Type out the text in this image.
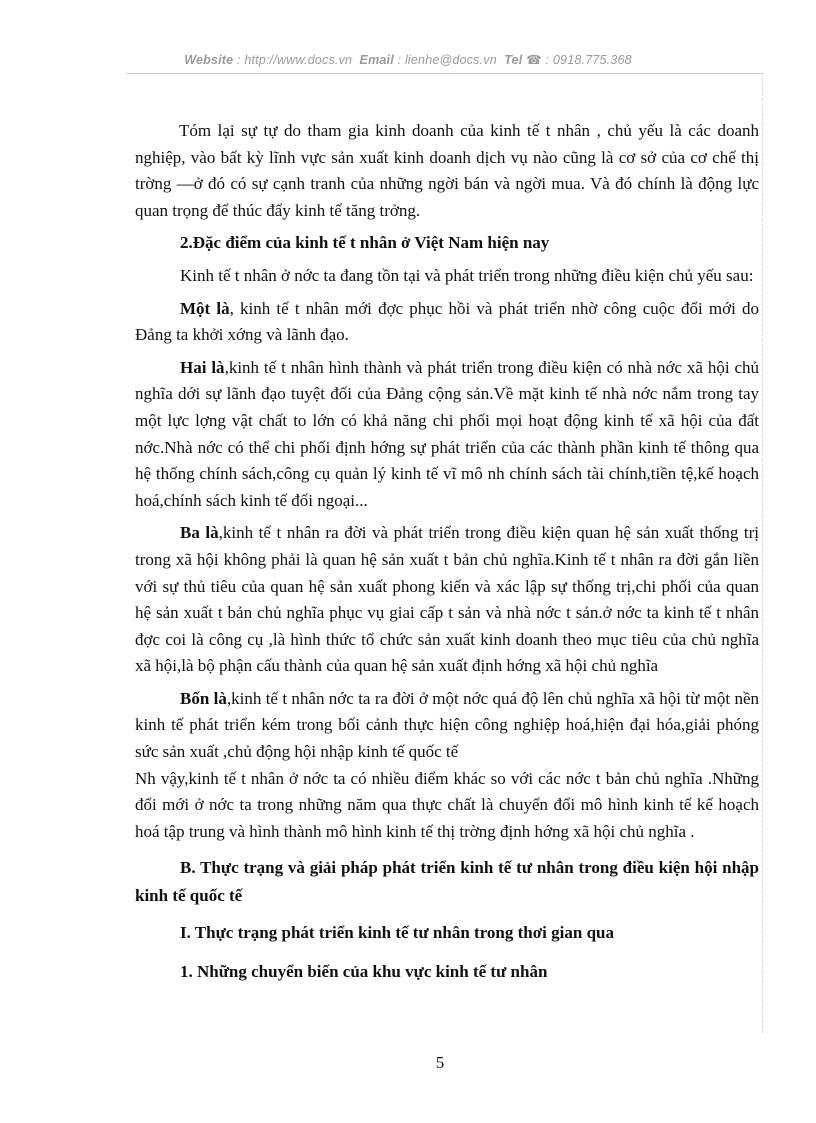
Website : http://www.docs.vn Email : lienhe@docs.vn Tel ☎ : 0918.775.368

Tóm lại sự tự do tham gia kinh doanh của kinh tế t nhân , chủ yếu là các doanh nghiệp, vào bất kỳ lĩnh vực sản xuất kinh doanh dịch vụ nào cũng là cơ sở của cơ chế thị trờng —ở đó có sự cạnh tranh của những ngời bán và ngời mua. Và đó chính là động lực quan trọng để thúc đẩy kinh tế tăng trởng.

2.Đặc điểm của kinh tế t nhân ở Việt Nam hiện nay

Kinh tế t nhân ở nớc ta đang tồn tại và phát triển trong những điều kiện chủ yếu sau:

Một là, kinh tế t nhân mới đợc phục hồi và phát triển nhờ công cuộc đổi mới do Đảng ta khởi xớng và lãnh đạo.

Hai là,kinh tế t nhân hình thành và phát triển trong điều kiện có nhà nớc xã hội chủ nghĩa dới sự lãnh đạo tuyệt đối của Đảng cộng sản.Về mặt kinh tế nhà nớc nắm trong tay một lực lợng vật chất to lớn có khả năng chi phối mọi hoạt động kinh tế xã hội của đất nớc.Nhà nớc có thể chi phối định hớng sự phát triển của các thành phần kinh tế thông qua hệ thống chính sách,công cụ quản lý kinh tế vĩ mô nh chính sách tài chính,tiền tệ,kế hoạch hoá,chính sách kinh tế đối ngoại...

Ba là,kinh tế t nhân ra đời và phát triển trong điều kiện quan hệ sản xuất thống trị trong xã hội không phải là quan hệ sản xuất t bản chủ nghĩa.Kinh tế t nhân ra đời gắn liền với sự thủ tiêu của quan hệ sản xuất phong kiến và xác lập sự thống trị,chi phối của quan hệ sản xuất t bản chủ nghĩa phục vụ giai cấp t sản và nhà nớc t sản.ở nớc ta kinh tế t nhân đợc coi là công cụ ,là hình thức tổ chức sản xuất kinh doanh theo mục tiêu của chủ nghĩa xã hội,là bộ phận cấu thành của quan hệ sản xuất định hớng xã hội chủ nghĩa

Bốn là,kinh tế t nhân nớc ta ra đời ở một nớc quá độ lên chủ nghĩa xã hội từ một nền kinh tế phát triển kém trong bối cảnh thực hiện công nghiệp hoá,hiện đại hóa,giải phóng sức sản xuất ,chủ động hội nhập kinh tế quốc tế

Nh vậy,kinh tế t nhân ở nớc ta có nhiều điểm khác so với các nớc t bản chủ nghĩa .Những đổi mới ở nớc ta trong những năm qua thực chất là chuyển đổi mô hình kinh tế kế hoạch hoá tập trung và hình thành mô hình kinh tế thị trờng định hớng xã hội chủ nghĩa .

B. Thực trạng và giải pháp phát triển kinh tế tư nhân trong điều kiện hội nhập kinh tế quốc tế

I. Thực trạng phát triển kinh tế tư nhân trong thơi gian qua

1. Những chuyển biến của khu vực kinh tế tư nhân

5
